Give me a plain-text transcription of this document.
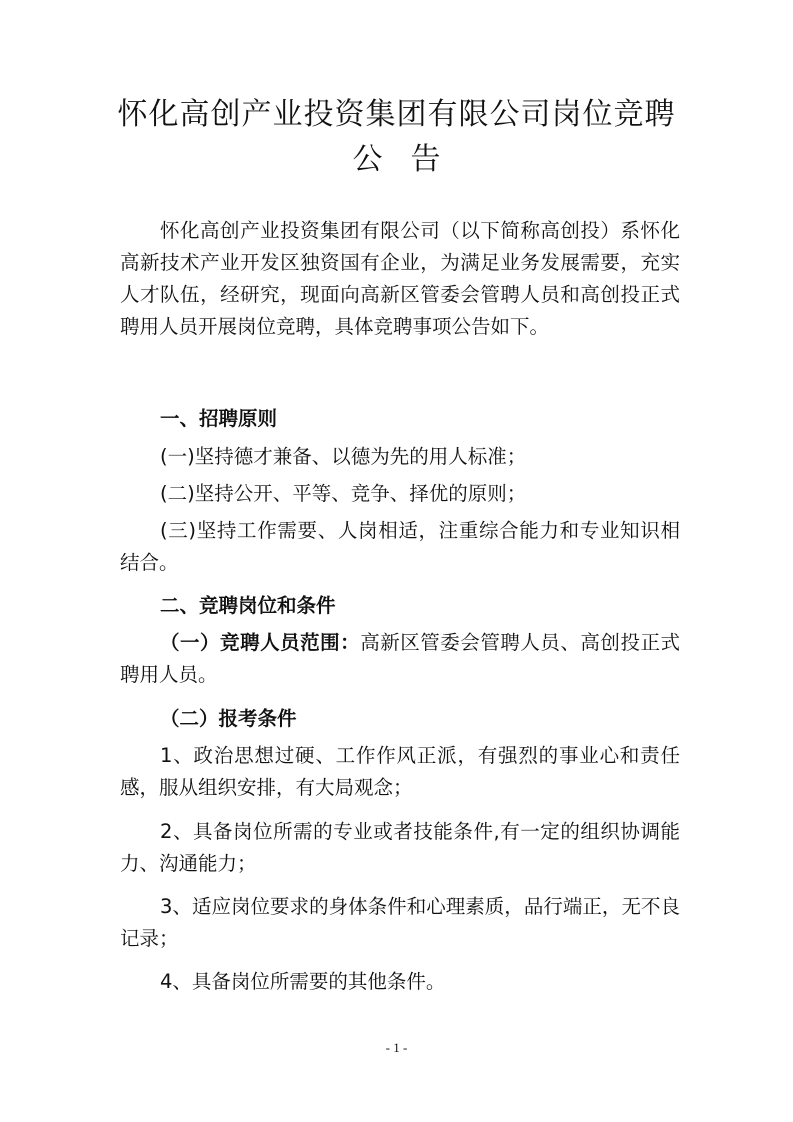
怀化高创产业投资集团有限公司岗位竞聘
公告

怀化高创产业投资集团有限公司（以下简称高创投）系怀化高新技术产业开发区独资国有企业，为满足业务发展需要，充实人才队伍，经研究，现面向高新区管委会管聘人员和高创投正式聘用人员开展岗位竞聘，具体竞聘事项公告如下。

一、招聘原则

(一)坚持德才兼备、以德为先的用人标准；

(二)坚持公开、平等、竞争、择优的原则；

(三)坚持工作需要、人岗相适，注重综合能力和专业知识相结合。

二、竞聘岗位和条件

（一）竞聘人员范围：高新区管委会管聘人员、高创投正式聘用人员。

（二）报考条件

1、政治思想过硬、工作作风正派，有强烈的事业心和责任感，服从组织安排，有大局观念；

2、具备岗位所需的专业或者技能条件,有一定的组织协调能力、沟通能力；

3、适应岗位要求的身体条件和心理素质，品行端正，无不良记录；

4、具备岗位所需要的其他条件。

- 1 -
